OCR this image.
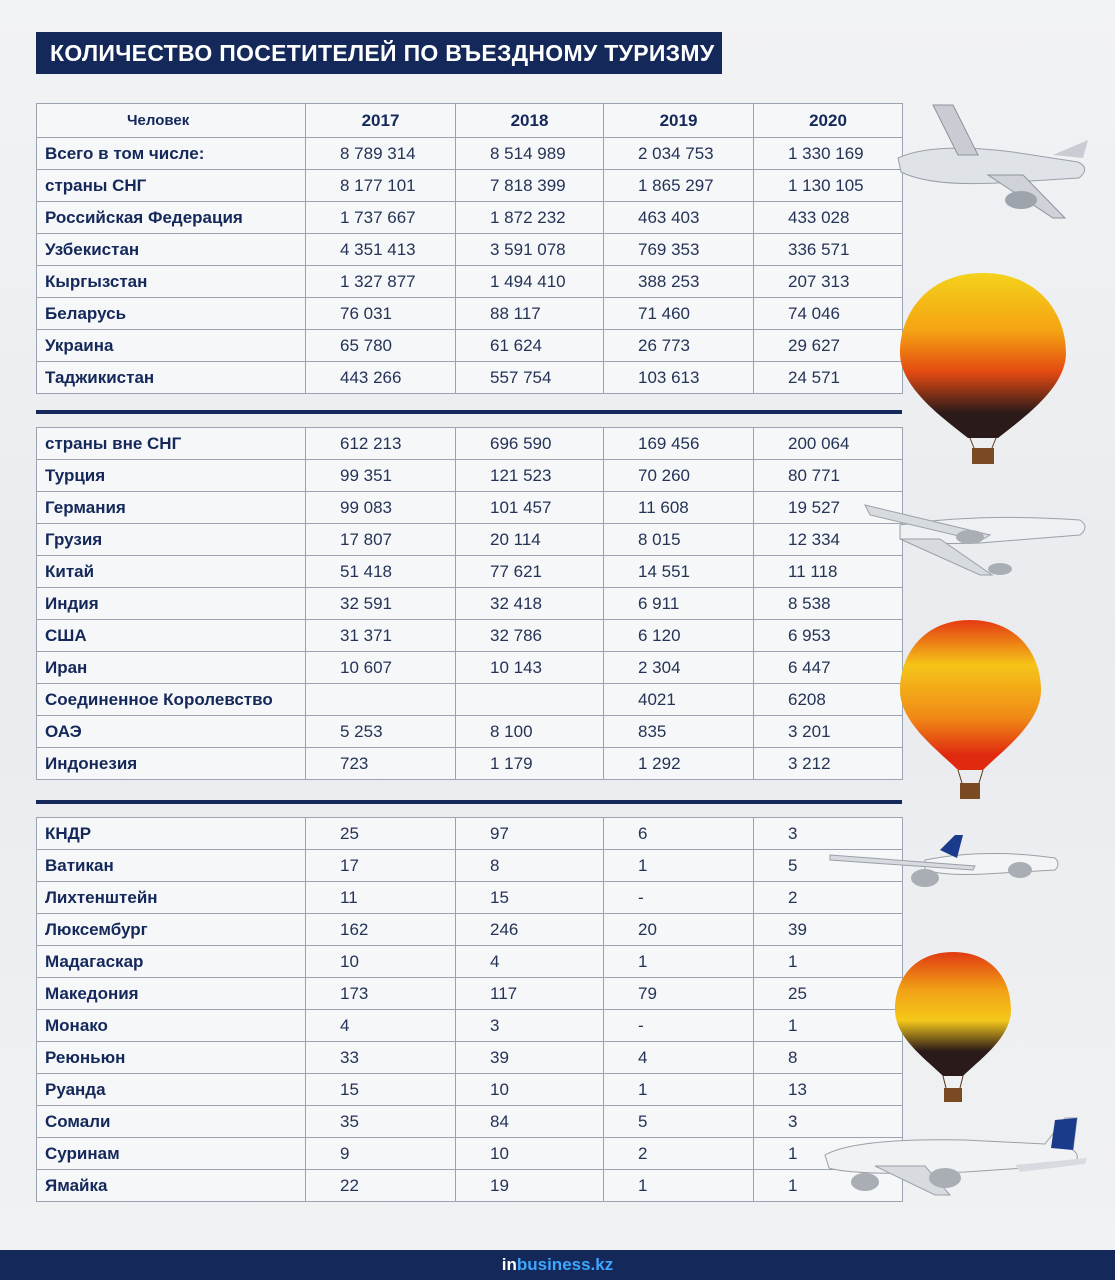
КОЛИЧЕСТВО ПОСЕТИТЕЛЕЙ ПО ВЪЕЗДНОМУ ТУРИЗМУ
Человек	2017	2018	2019	2020
Всего в том числе:	8 789 314	8 514 989	2 034 753	1 330 169
страны СНГ	8 177 101	7 818 399	1 865 297	1 130 105
Российская Федерация	1 737 667	1 872 232	463 403	433 028
Узбекистан	4 351 413	3 591 078	769 353	336 571
Кыргызстан	1 327 877	1 494 410	388 253	207 313
Беларусь	76 031	88 117	71 460	74 046
Украина	65 780	61 624	26 773	29 627
Таджикистан	443 266	557 754	103 613	24 571
страны вне СНГ	612 213	696 590	169 456	200 064
Турция	99 351	121 523	70 260	80 771
Германия	99 083	101 457	11 608	19 527
Грузия	17 807	20 114	8 015	12 334
Китай	51 418	77 621	14 551	11 118
Индия	32 591	32 418	6 911	8 538
США	31 371	32 786	6 120	6 953
Иран	10 607	10 143	2 304	6 447
Соединенное Королевство			4021	6208
ОАЭ	5 253	8 100	835	3 201
Индонезия	723	1 179	1 292	3 212
КНДР	25	97	6	3
Ватикан	17	8	1	5
Лихтенштейн	11	15	-	2
Люксембург	162	246	20	39
Мадагаскар	10	4	1	1
Македония	173	117	79	25
Монако	4	3	-	1
Реюньюн	33	39	4	8
Руанда	15	10	1	13
Сомали	35	84	5	3
Суринам	9	10	2	1
Ямайка	22	19	1	1
inbusiness.kz
